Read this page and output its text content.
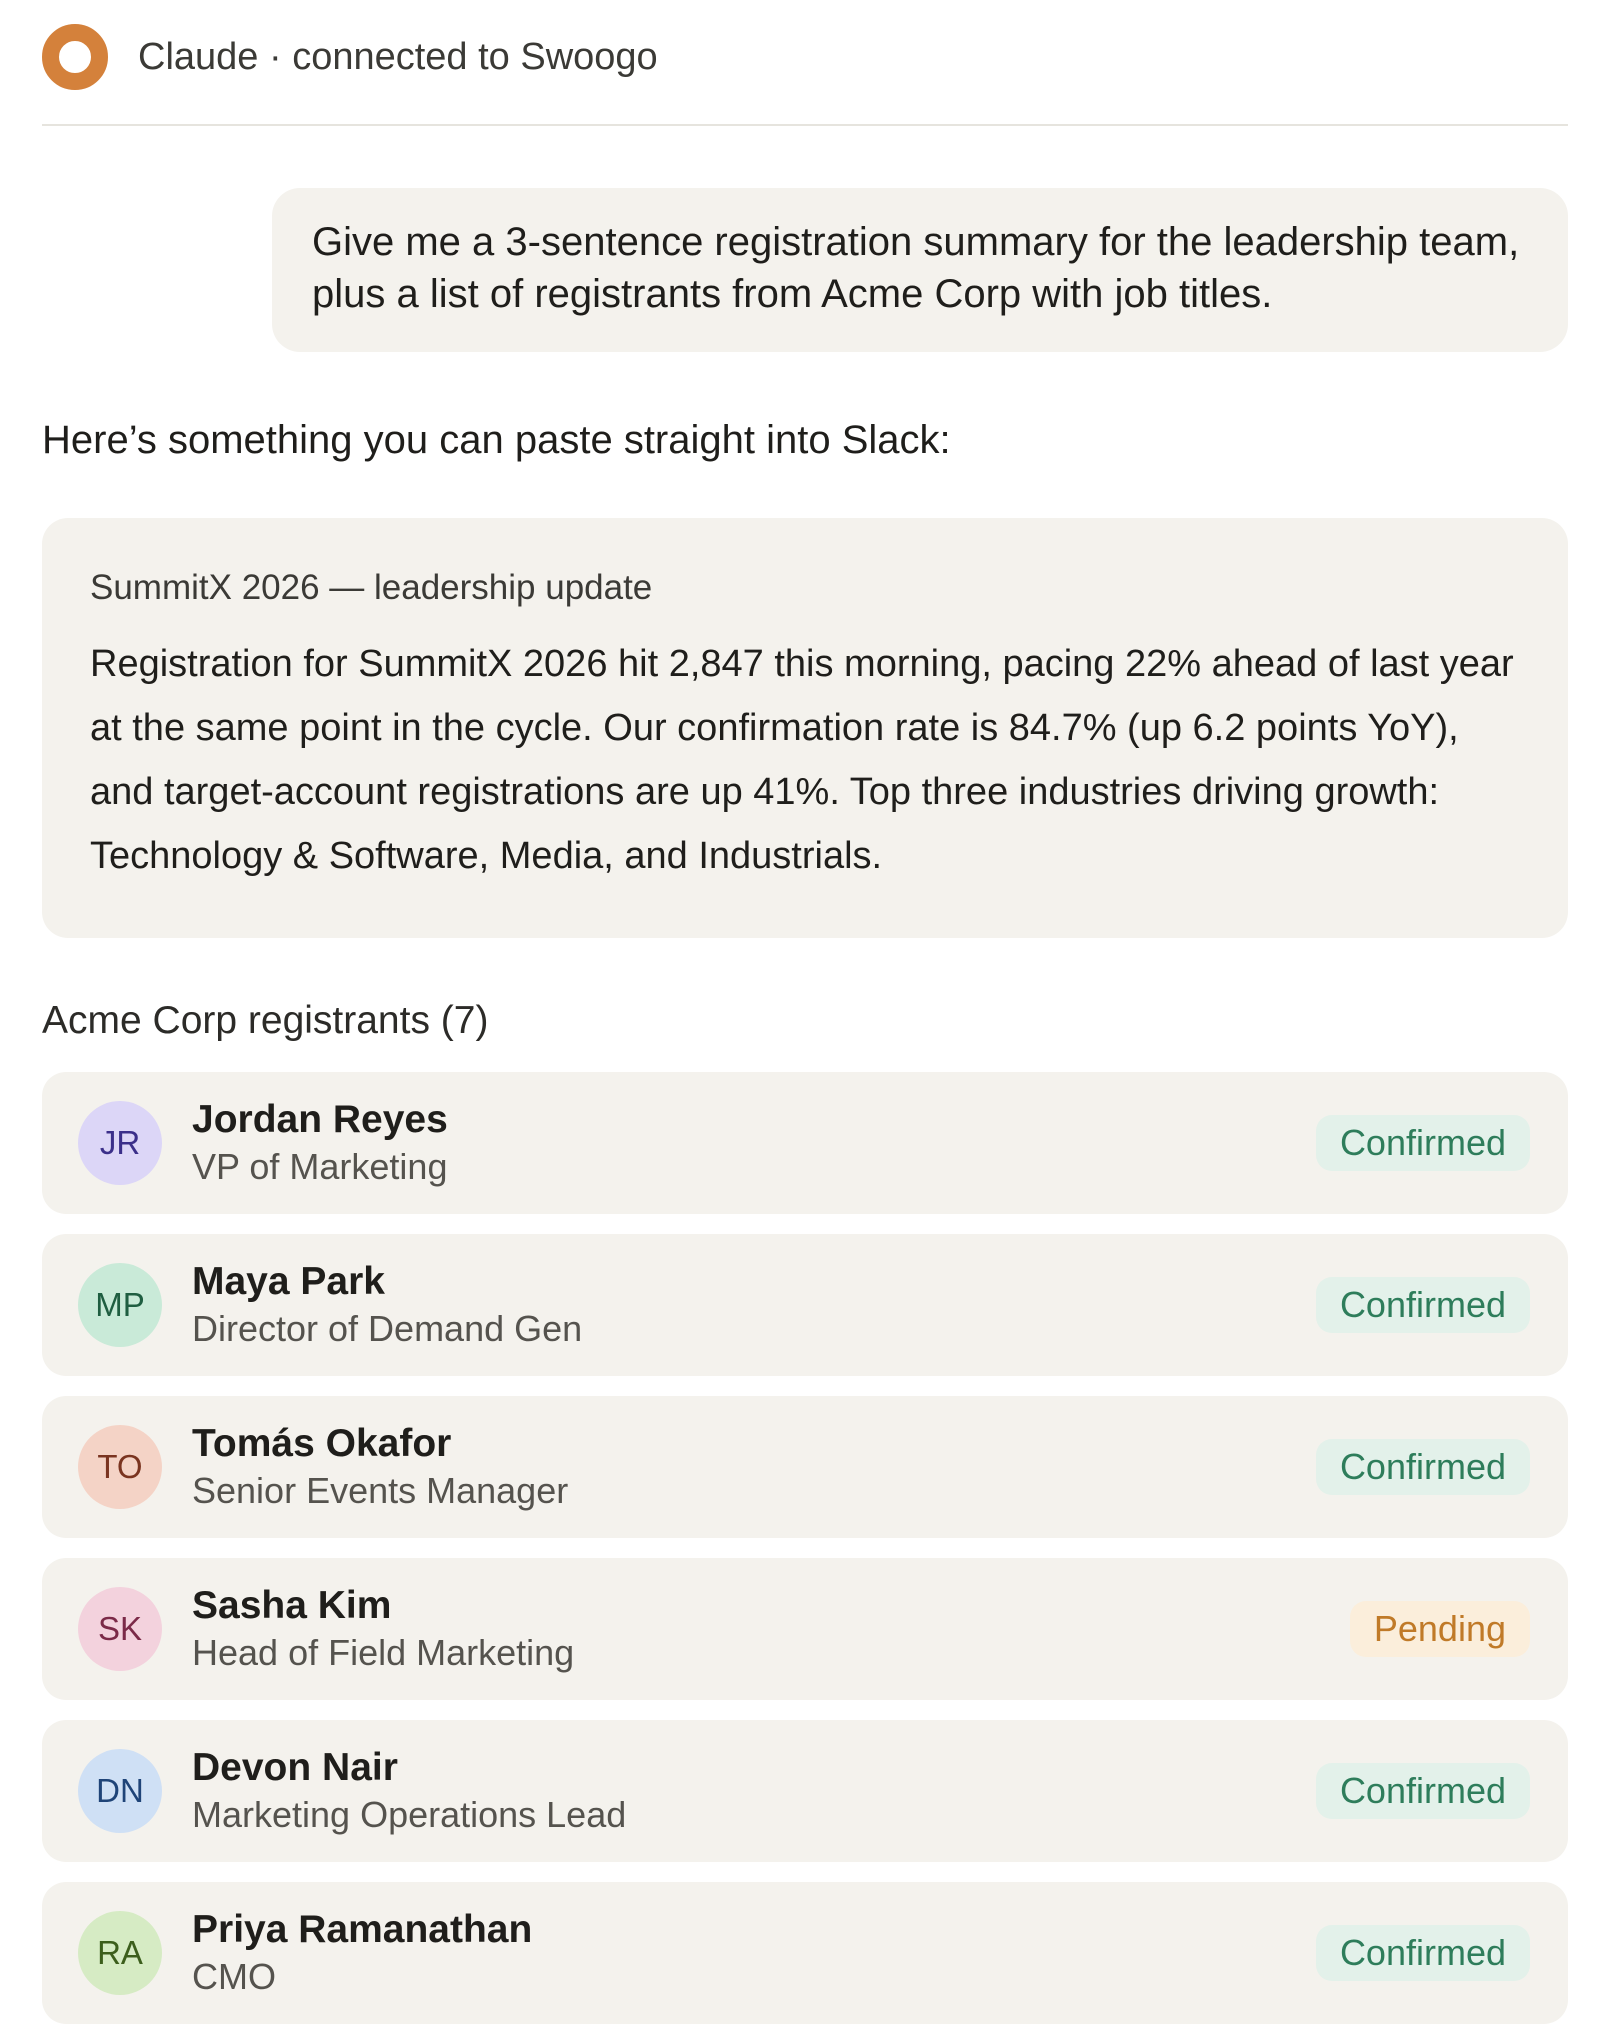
Claude · connected to Swoogo
Give me a 3-sentence registration summary for the leadership team, plus a list of registrants from Acme Corp with job titles.
Here’s something you can paste straight into Slack:
SummitX 2026 — leadership update
Registration for SummitX 2026 hit 2,847 this morning, pacing 22% ahead of last year at the same point in the cycle. Our confirmation rate is 84.7% (up 6.2 points YoY), and target-account registrations are up 41%. Top three industries driving growth: Technology & Software, Media, and Industrials.
Acme Corp registrants (7)
JR
Jordan Reyes
VP of Marketing
Confirmed
MP
Maya Park
Director of Demand Gen
Confirmed
TO
Tomás Okafor
Senior Events Manager
Confirmed
SK
Sasha Kim
Head of Field Marketing
Pending
DN
Devon Nair
Marketing Operations Lead
Confirmed
RA
Priya Ramanathan
CMO
Confirmed
